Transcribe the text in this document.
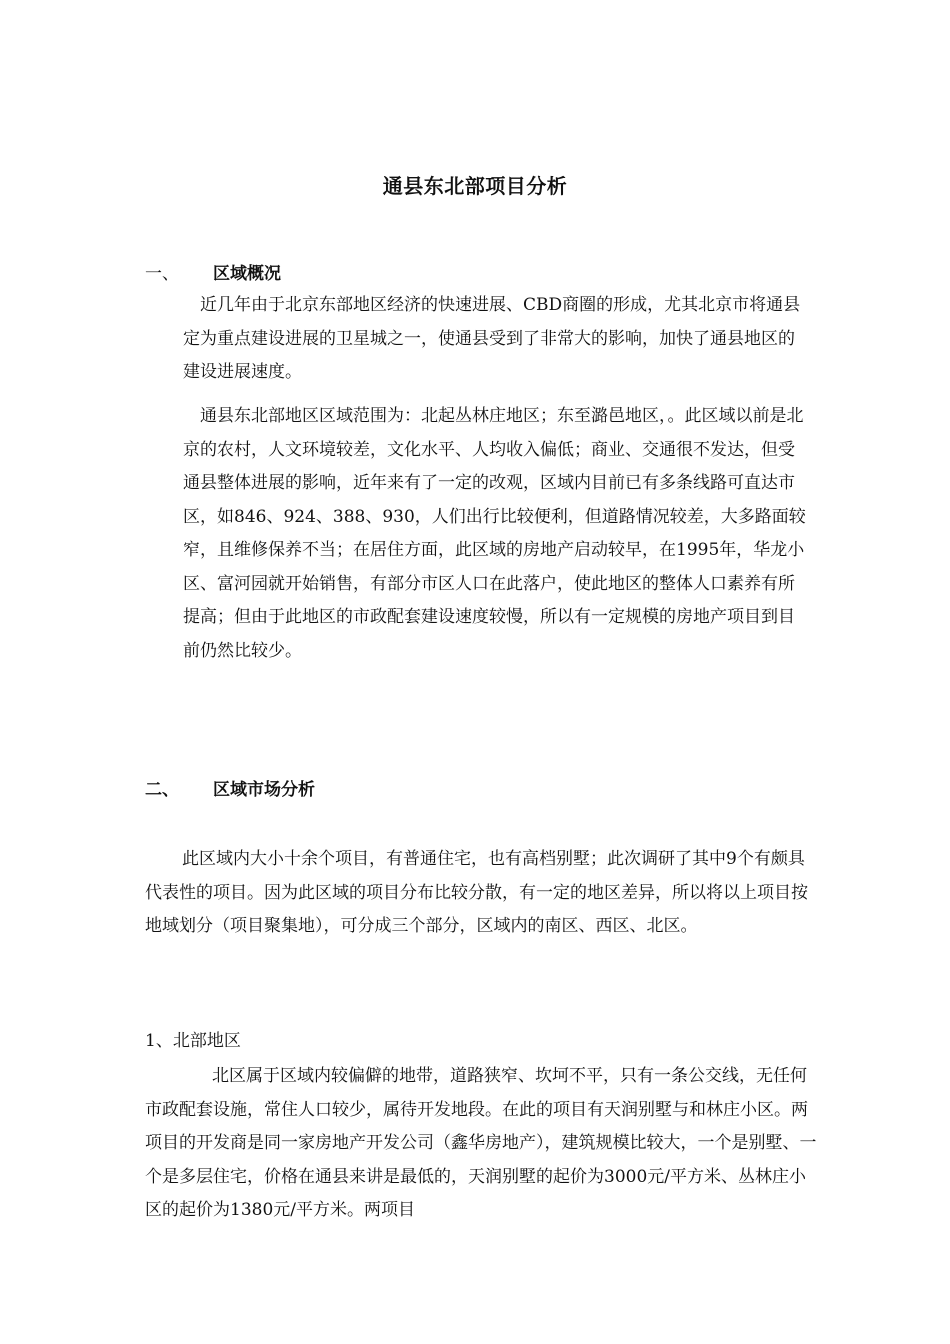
通县东北部项目分析
一、 区域概况

近几年由于北京东部地区经济的快速进展、CBD商圈的形成，尤其北京市将通县定为重点建设进展的卫星城之一，使通县受到了非常大的影响，加快了通县地区的建设进展速度。

通县东北部地区区域范围为：北起丛林庄地区；东至潞邑地区，。此区域以前是北京的农村，人文环境较差，文化水平、人均收入偏低；商业、交通很不发达，但受通县整体进展的影响，近年来有了一定的改观，区域内目前已有多条线路可直达市区，如846、924、388、930，人们出行比较便利，但道路情况较差，大多路面较窄，且维修保养不当；在居住方面，此区域的房地产启动较早，在1995年，华龙小区、富河园就开始销售，有部分市区人口在此落户，使此地区的整体人口素养有所提高；但由于此地区的市政配套建设速度较慢，所以有一定规模的房地产项目到目前仍然比较少。

二、 区域市场分析

此区域内大小十余个项目，有普通住宅，也有高档别墅；此次调研了其中9个有颇具代表性的项目。因为此区域的项目分布比较分散，有一定的地区差异，所以将以上项目按地域划分（项目聚集地），可分成三个部分，区域内的南区、西区、北区。

1、北部地区

北区属于区域内较偏僻的地带，道路狭窄、坎坷不平，只有一条公交线，无任何市政配套设施，常住人口较少，属待开发地段。在此的项目有天润别墅与和林庄小区。两项目的开发商是同一家房地产开发公司（鑫华房地产），建筑规模比较大，一个是别墅、一个是多层住宅，价格在通县来讲是最低的，天润别墅的起价为3000元/平方米、丛林庄小区的起价为1380元/平方米。两项目
